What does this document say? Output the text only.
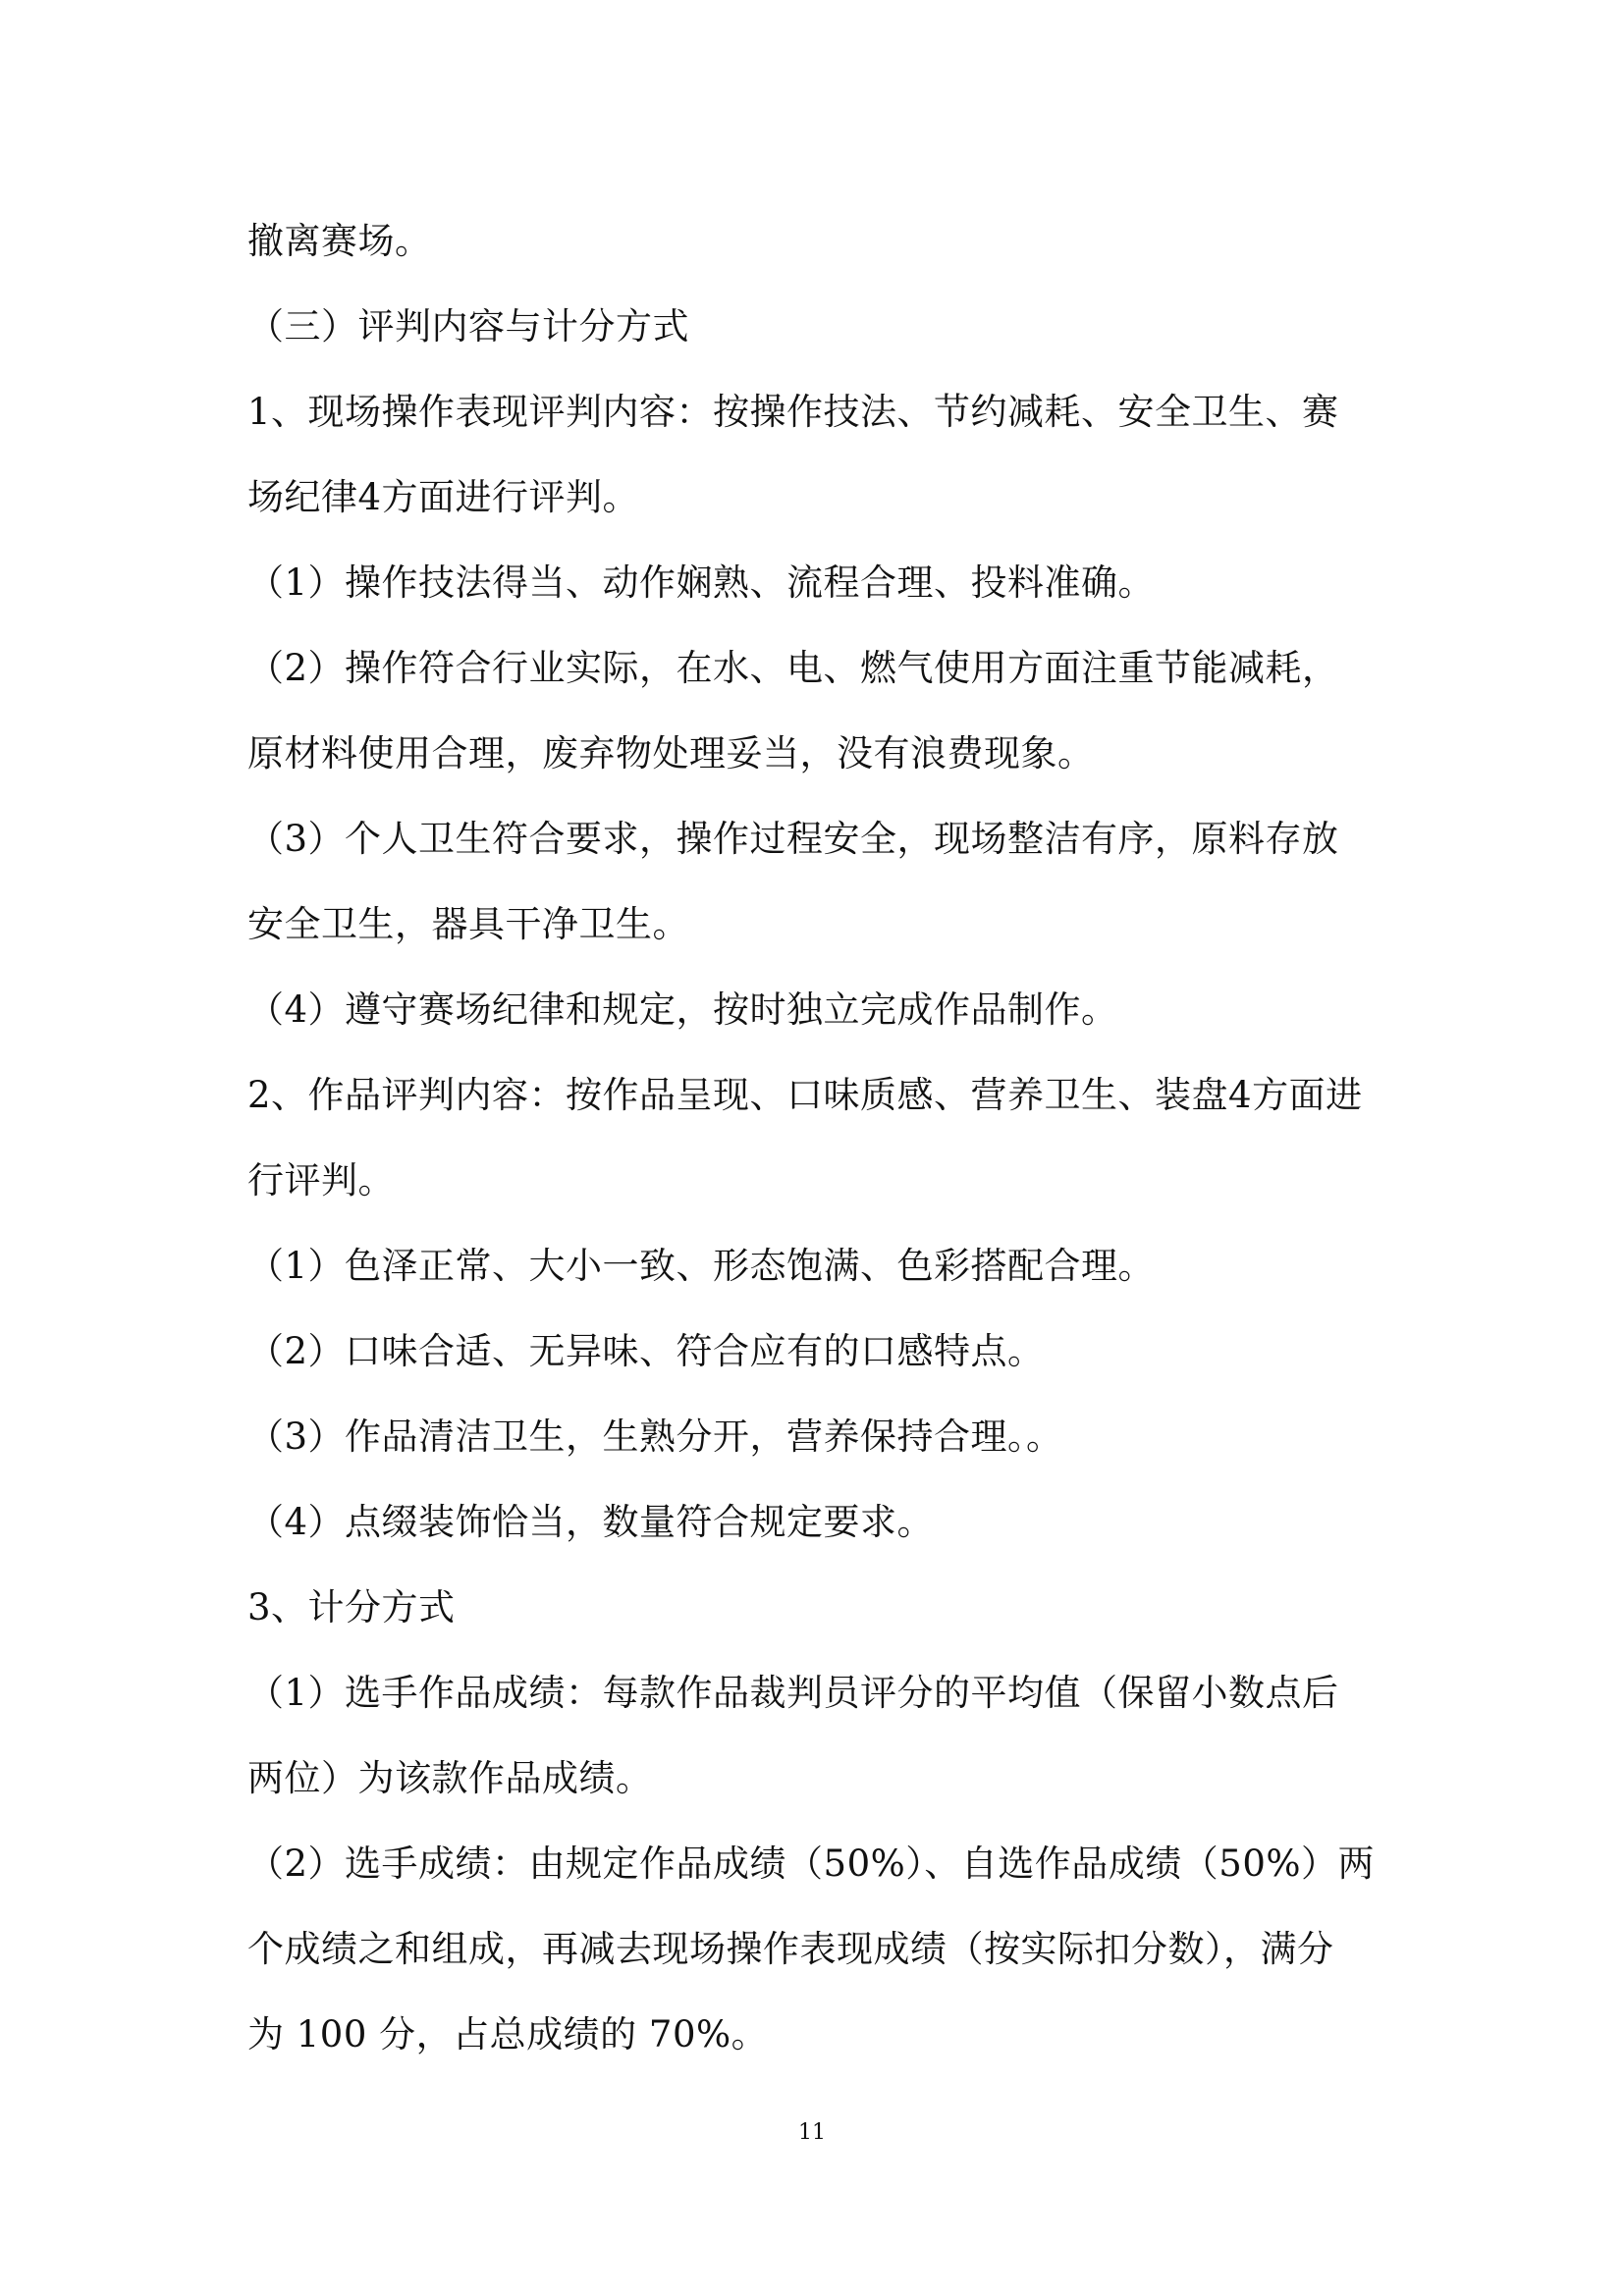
撤离赛场。
（三）评判内容与计分方式
1、现场操作表现评判内容：按操作技法、节约减耗、安全卫生、赛
场纪律4方面进行评判。
（1）操作技法得当、动作娴熟、流程合理、投料准确。
（2）操作符合行业实际，在水、电、燃气使用方面注重节能减耗，
原材料使用合理，废弃物处理妥当，没有浪费现象。
（3）个人卫生符合要求，操作过程安全，现场整洁有序，原料存放
安全卫生，器具干净卫生。
（4）遵守赛场纪律和规定，按时独立完成作品制作。
2、作品评判内容：按作品呈现、口味质感、营养卫生、装盘4方面进
行评判。
（1）色泽正常、大小一致、形态饱满、色彩搭配合理。
（2）口味合适、无异味、符合应有的口感特点。
（3）作品清洁卫生，生熟分开，营养保持合理。。
（4）点缀装饰恰当，数量符合规定要求。
3、计分方式
（1）选手作品成绩：每款作品裁判员评分的平均值（保留小数点后
两位）为该款作品成绩。
（2）选手成绩：由规定作品成绩（50%）、自选作品成绩（50%）两
个成绩之和组成，再减去现场操作表现成绩（按实际扣分数），满分
为 100 分，占总成绩的 70%。
11
